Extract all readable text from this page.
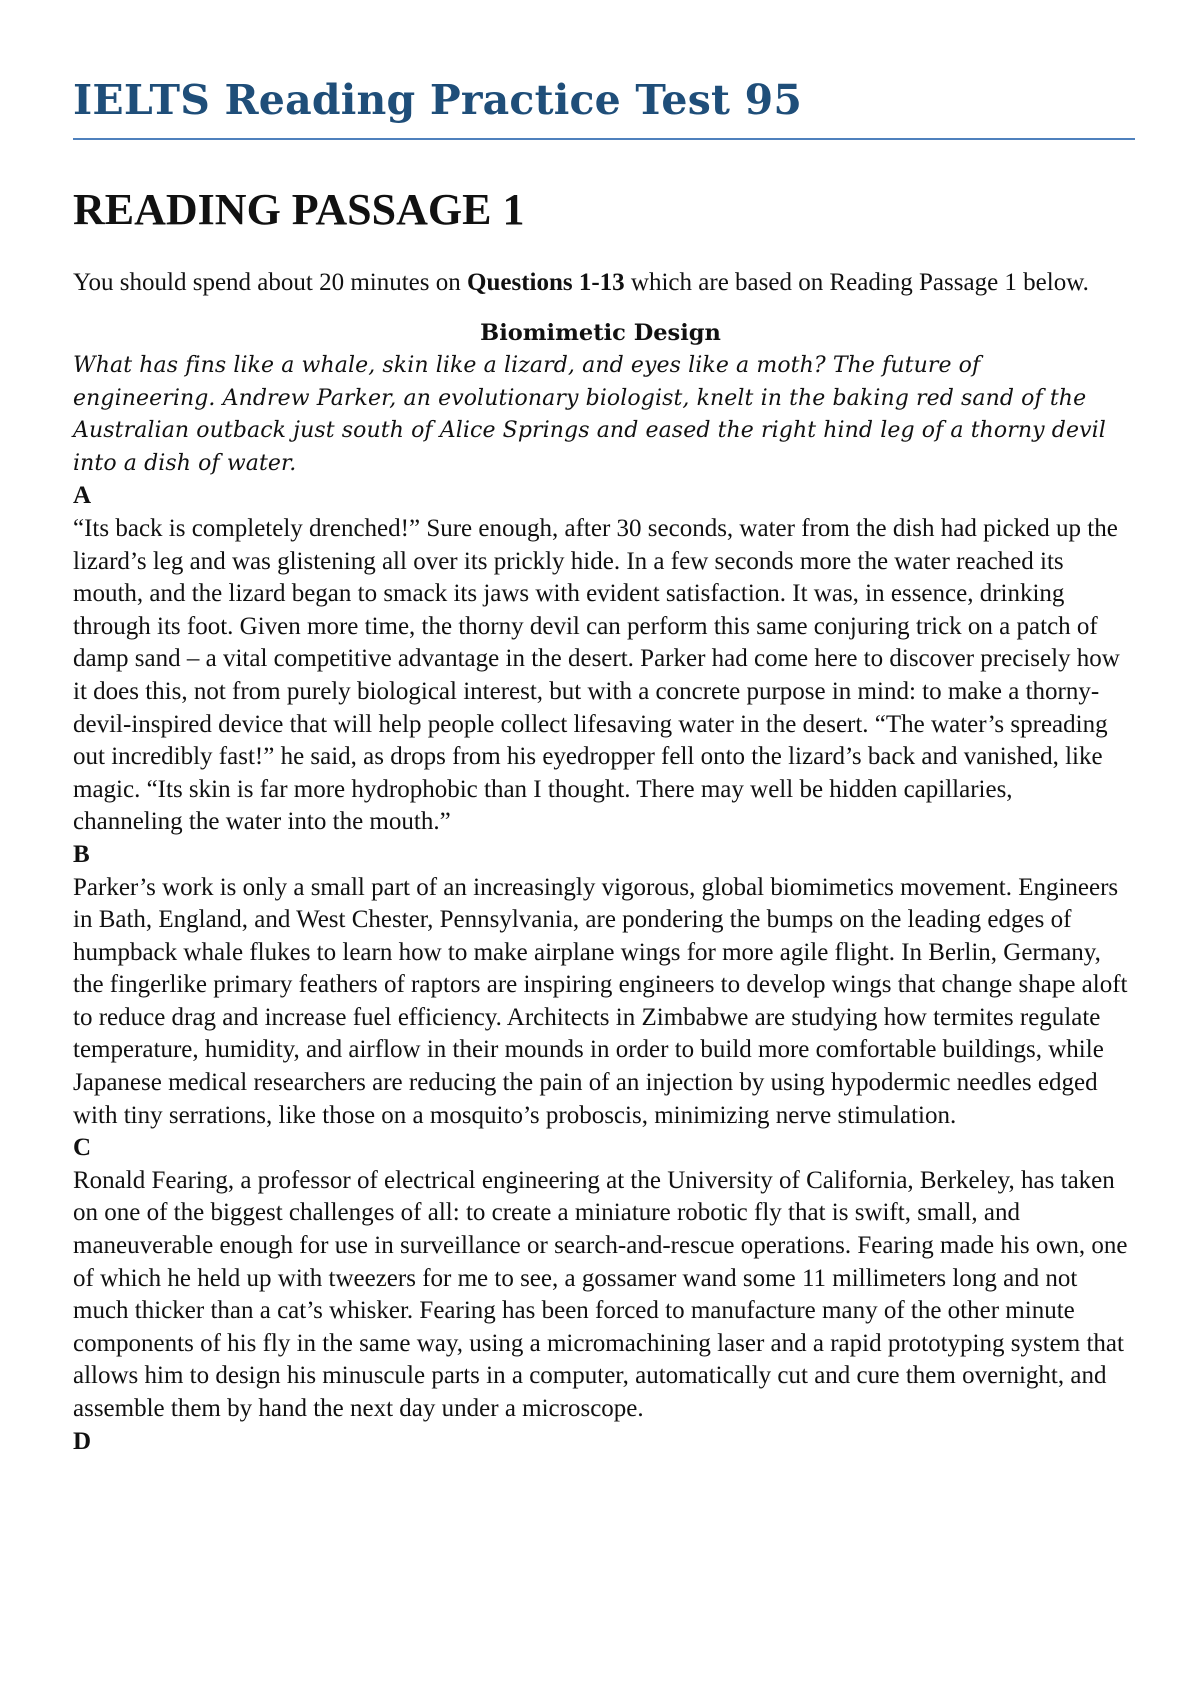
IELTS Reading Practice Test 95
READING PASSAGE 1

You should spend about 20 minutes on Questions 1-13 which are based on Reading Passage 1 below.

Biomimetic Design

What has fins like a whale, skin like a lizard, and eyes like a moth? The future of engineering. Andrew Parker, an evolutionary biologist, knelt in the baking red sand of the Australian outback just south of Alice Springs and eased the right hind leg of a thorny devil into a dish of water.

A

“Its back is completely drenched!” Sure enough, after 30 seconds, water from the dish had picked up the lizard’s leg and was glistening all over its prickly hide. In a few seconds more the water reached its mouth, and the lizard began to smack its jaws with evident satisfaction. It was, in essence, drinking through its foot. Given more time, the thorny devil can perform this same conjuring trick on a patch of damp sand – a vital competitive advantage in the desert. Parker had come here to discover precisely how it does this, not from purely biological interest, but with a concrete purpose in mind: to make a thorny-devil-inspired device that will help people collect lifesaving water in the desert. “The water’s spreading out incredibly fast!” he said, as drops from his eyedropper fell onto the lizard’s back and vanished, like magic. “Its skin is far more hydrophobic than I thought. There may well be hidden capillaries, channeling the water into the mouth.”

B

Parker’s work is only a small part of an increasingly vigorous, global biomimetics movement. Engineers in Bath, England, and West Chester, Pennsylvania, are pondering the bumps on the leading edges of humpback whale flukes to learn how to make airplane wings for more agile flight. In Berlin, Germany, the fingerlike primary feathers of raptors are inspiring engineers to develop wings that change shape aloft to reduce drag and increase fuel efficiency. Architects in Zimbabwe are studying how termites regulate temperature, humidity, and airflow in their mounds in order to build more comfortable buildings, while Japanese medical researchers are reducing the pain of an injection by using hypodermic needles edged with tiny serrations, like those on a mosquito’s proboscis, minimizing nerve stimulation.

C

Ronald Fearing, a professor of electrical engineering at the University of California, Berkeley, has taken on one of the biggest challenges of all: to create a miniature robotic fly that is swift, small, and maneuverable enough for use in surveillance or search-and-rescue operations. Fearing made his own, one of which he held up with tweezers for me to see, a gossamer wand some 11 millimeters long and not much thicker than a cat’s whisker. Fearing has been forced to manufacture many of the other minute components of his fly in the same way, using a micromachining laser and a rapid prototyping system that allows him to design his minuscule parts in a computer, automatically cut and cure them overnight, and assemble them by hand the next day under a microscope.

D
